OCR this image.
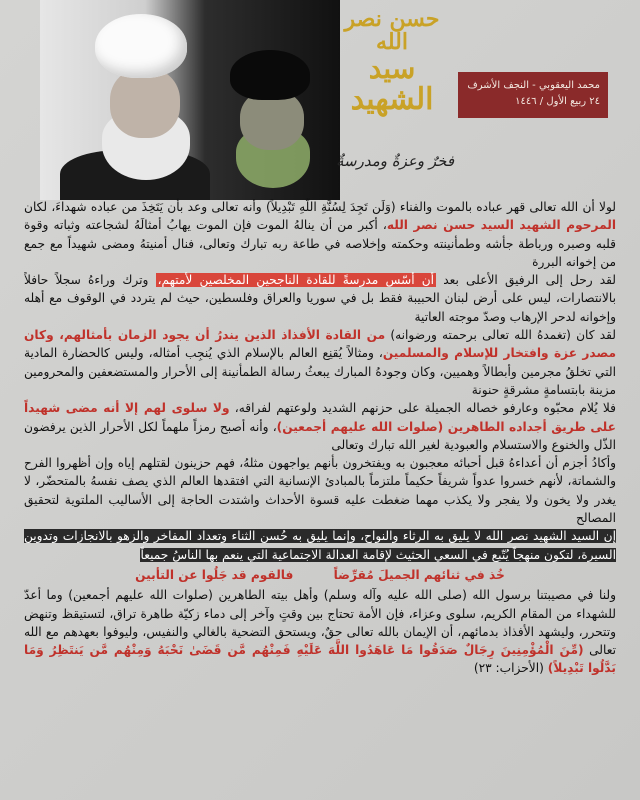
حسن نصر الله
سيد
الشهيد
فخرٌ وعزةٌ ومدرسةٌ
محمد اليعقوبي - النجف الأشرف
٢٤ ربيع الأول / ١٤٤٦

لولا أن الله تعالى قهر عباده بالموت والفناء (وَلَن تَجِدَ لِسُنَّةِ اللَّهِ تَبْدِيلاً) وأنه تعالى وعد بأن يَتَخِذَ من عباده شهداءَ، لكان المرحوم الشهيد السيد حسن نصر الله، أكبر من أن ينالهُ الموت فإن الموت يهابُ أمثالَهُ لشجاعته وثباته وقوة قلبه وصبره ورباطة جأشه وطمأنينته وحكمته وإخلاصه في طاعة ربه تبارك وتعالى، فنال أمنيتهُ ومضى شهيداً مع جمع من إخوانه البررة

لقد رحل إلى الرفيق الأعلى بعد أن أسّس مدرسةً للقادة الناجحين المخلصين لأمتهم، وترك وراءهُ سجلاً حافلاً بالانتصارات، ليس على أرض لبنان الحبيبة فقط بل في سوريا والعراق وفلسطين، حيث لم يتردد في الوقوف مع أهله وإخوانه لدحر الإرهاب وصدّ موجته العاتية

لقد كان (تغمدهُ الله تعالى برحمته ورضوانه) من القادة الأفذاذ الذين يندرُ أن يجود الزمان بأمثالهم، وكان مصدر عزة وافتخار للإسلام والمسلمين، ومثالاً يُقنِع العالم بالإسلام الذي يُنجِب أمثاله، وليس كالحضارة المادية التي تخلقُ مجرمين وأبطالاً وهميين، وكان وجودهُ المبارك يبعثُ رسالة الطمأنينة إلى الأحرار والمستضعفين والمحرومين مزينة بابتسامةٍ مشرقةٍ حنونة

فلا يُلام محبّوه وعارفو خصاله الجميلة على حزنهم الشديد ولوعتهم لفراقه، ولا سلوى لهم إلا أنه مضى شهيداً على طريق أجداده الطاهرين (صلوات الله عليهم أجمعين)، وأنه أصبح رمزاً ملهماً لكل الأحرار الذين يرفضون الذّل والخنوع والاستسلام والعبودية لغير الله تبارك وتعالى

وأكادُ أجزم أن أعداءهُ قبل أحبائه معجبون به ويفتخرون بأنهم يواجهون مثلهُ، فهم حزينون لقتلهم إياه وإن أظهروا الفرح والشماتة، لأنهم خسروا عدواً شريفاً حكيماً ملتزماً بالمبادئ الإنسانية التي افتقدها العالم الذي يصف نفسهُ بالمتحضّر، لا يغدر ولا يخون ولا يفجر ولا يكذب مهما ضغطت عليه قسوة الأحداث واشتدت الحاجة إلى الأساليب الملتوية لتحقيق المصالح

إن السيد الشهيد نصر الله لا يليق به الرثاء والنواح، وإنما يليق به حُسن الثناء وتعداد المفاخر والزهو بالانجازات وتدوين السيرة، لتكون منهجاً يُتّبع في السعي الحثيث لإقامة العدالة الاجتماعية التي ينعم بها الناسُ جميعاً

خُذ في ثنائهم الجميلَ مُقرِّضاً فالقوم قد جَلُوا عن التأبين

ولنا في مصيبتنا برسول الله (صلى الله عليه وآله وسلم) وأهل بيته الطاهرين (صلوات الله عليهم أجمعين) وما أعدّ للشهداء من المقام الكريم، سلوى وعزاء، فإن الأمة تحتاج بين وقتٍ وآخر إلى دماء زكيّة طاهرة تراق، لتستيقظ وتنهض وتتحرر، وليشهد الأفذاذ بدمائهم، أن الإيمان بالله تعالى حقٌ، ويستحق التضحية بالغالي والنفيس، وليوفوا بعهدهم مع الله تعالى (مِّنَ الْمُؤْمِنِينَ رِجَالٌ صَدَقُوا مَا عَاهَدُوا اللَّهَ عَلَيْهِ فَمِنْهُم مَّن قَضَىٰ نَحْبَهُ وَمِنْهُم مَّن يَنتَظِرُ وَمَا بَدَّلُوا تَبْدِيلاً) (الأحزاب: ٢٣)
